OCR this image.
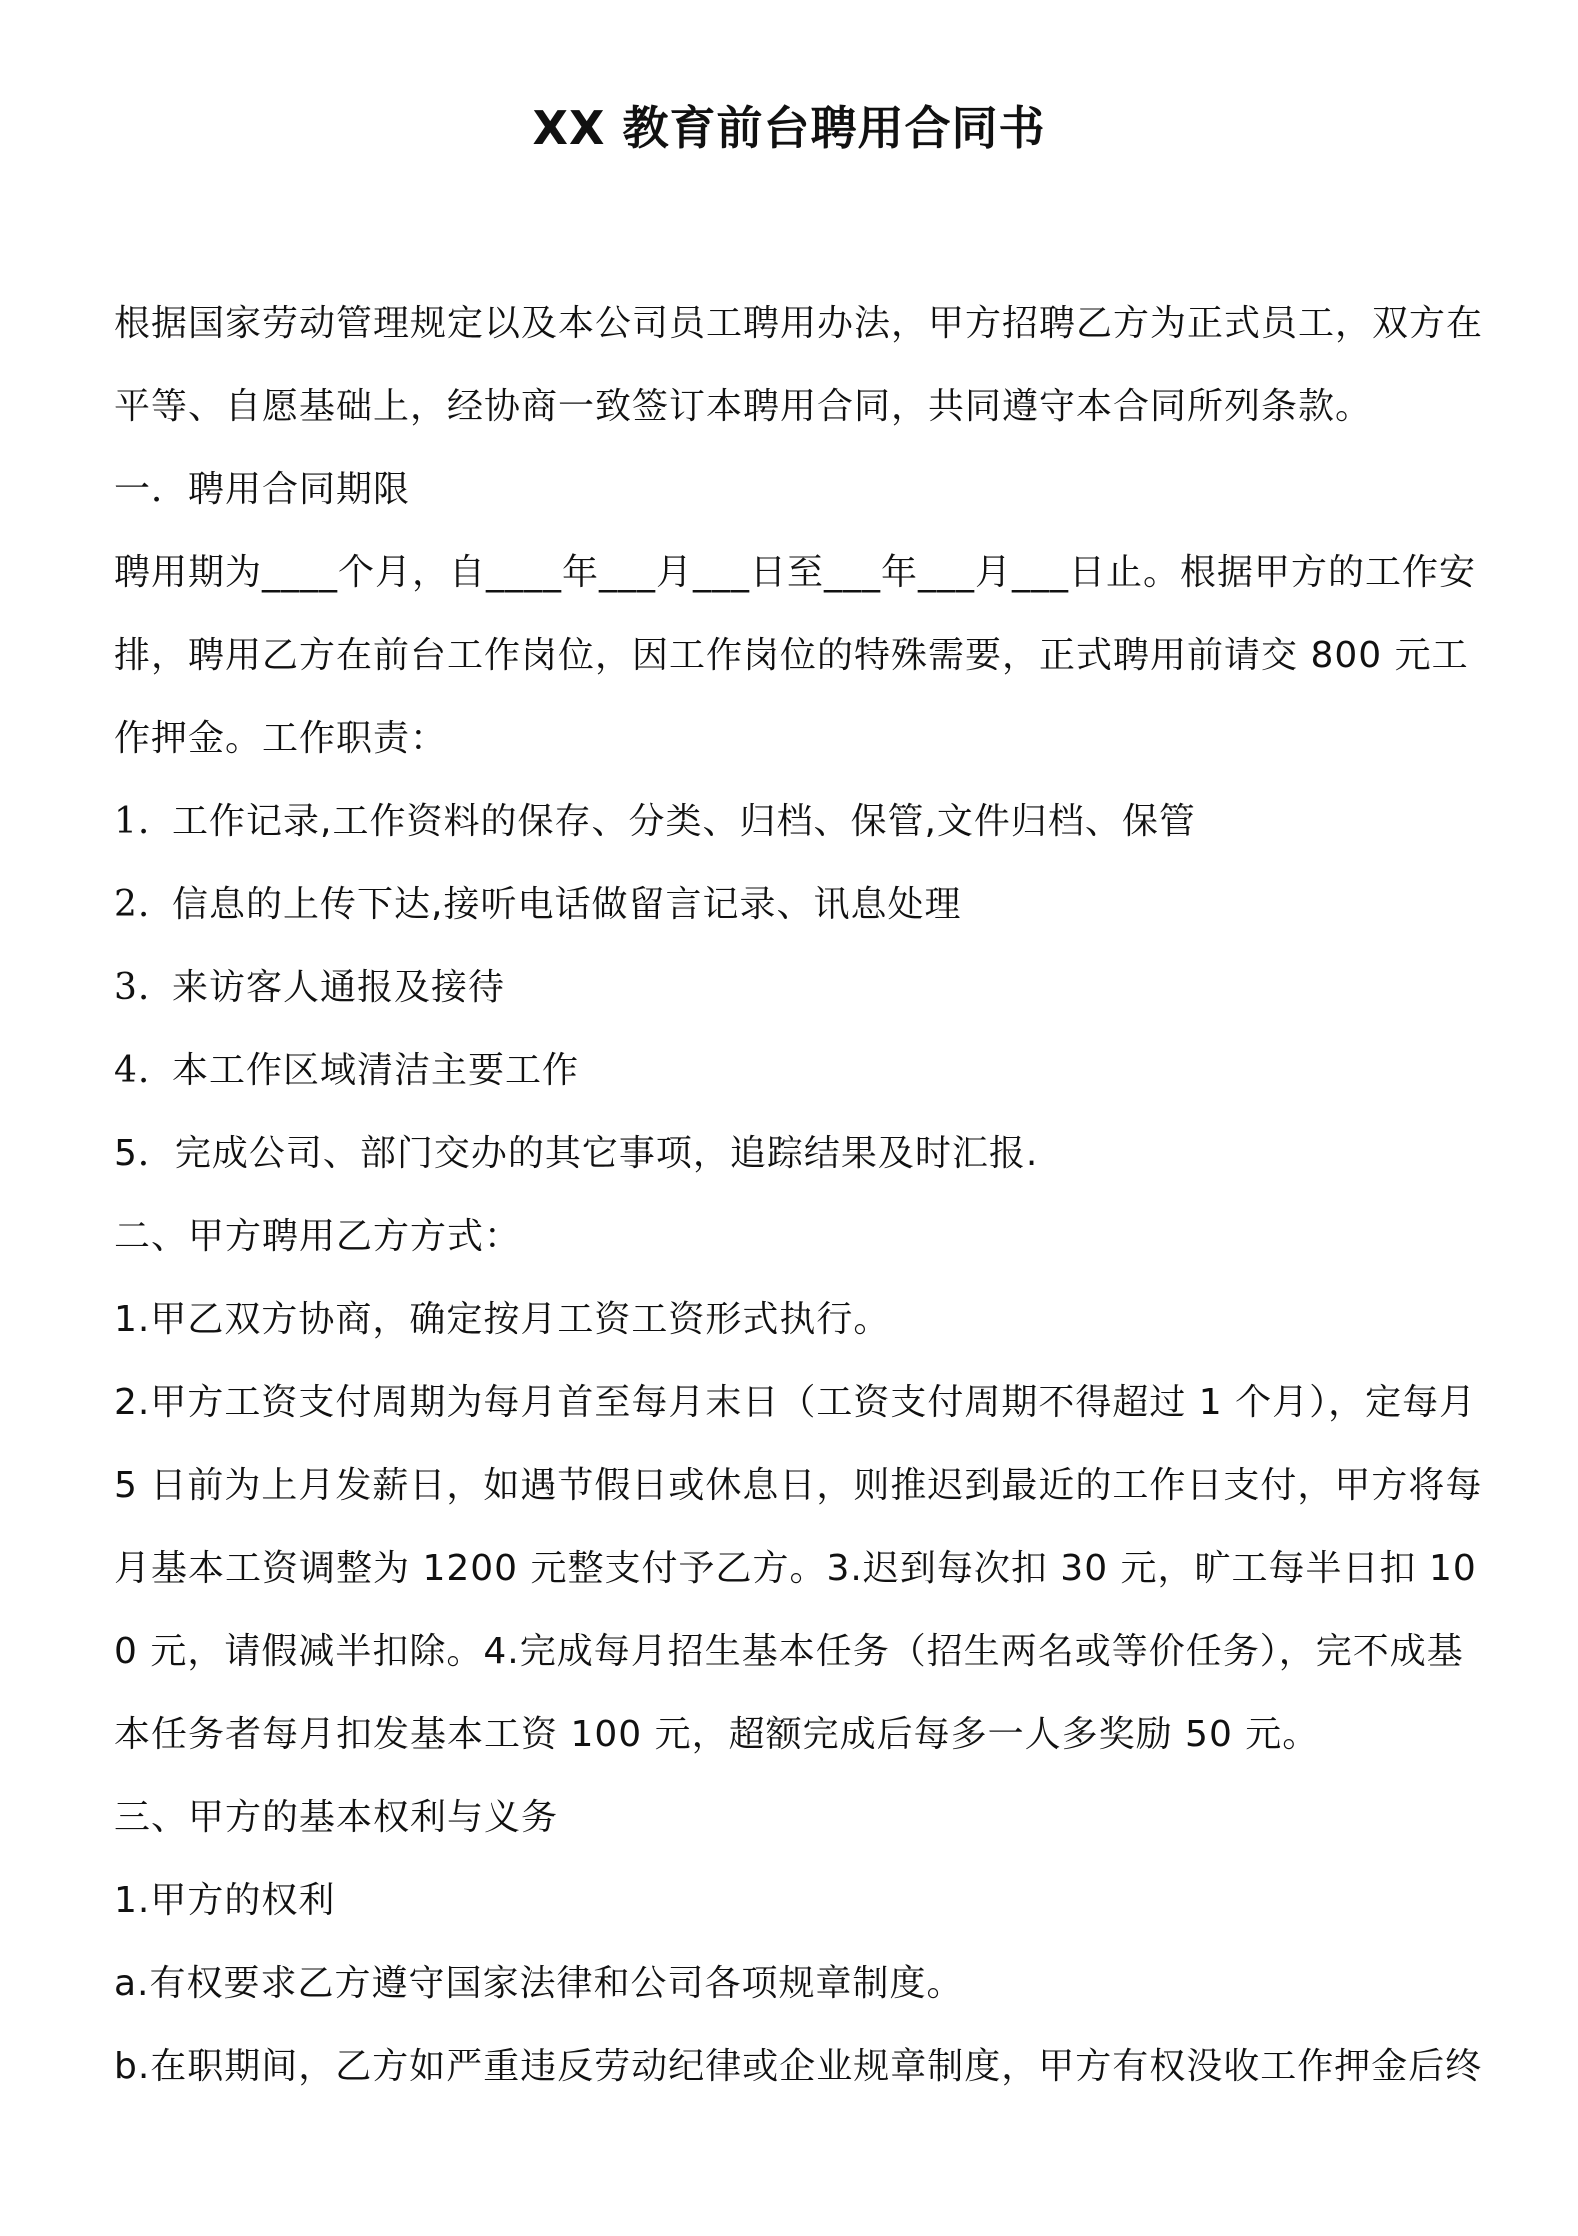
XX 教育前台聘用合同书

根据国家劳动管理规定以及本公司员工聘用办法，甲方招聘乙方为正式员工，双方在平等、自愿基础上，经协商一致签订本聘用合同，共同遵守本合同所列条款。

一．聘用合同期限

聘用期为____个月，自____年___月___日至___年___月___日止。根据甲方的工作安排，聘用乙方在前台工作岗位，因工作岗位的特殊需要，正式聘用前请交 800 元工作押金。工作职责：

1. 工作记录,工作资料的保存、分类、归档、保管,文件归档、保管

2. 信息的上传下达,接听电话做留言记录、讯息处理

3. 来访客人通报及接待

4. 本工作区域清洁主要工作

5．完成公司、部门交办的其它事项，追踪结果及时汇报.

二、甲方聘用乙方方式：

1.甲乙双方协商，确定按月工资工资形式执行。

2.甲方工资支付周期为每月首至每月末日（工资支付周期不得超过 1 个月），定每月 5 日前为上月发薪日，如遇节假日或休息日，则推迟到最近的工作日支付，甲方将每月基本工资调整为 1200 元整支付予乙方。3.迟到每次扣 30 元，旷工每半日扣 100 元，请假减半扣除。4.完成每月招生基本任务（招生两名或等价任务），完不成基本任务者每月扣发基本工资 100 元，超额完成后每多一人多奖励 50 元。

三、甲方的基本权利与义务

1.甲方的权利

a.有权要求乙方遵守国家法律和公司各项规章制度。

b.在职期间，乙方如严重违反劳动纪律或企业规章制度，甲方有权没收工作押金后终
